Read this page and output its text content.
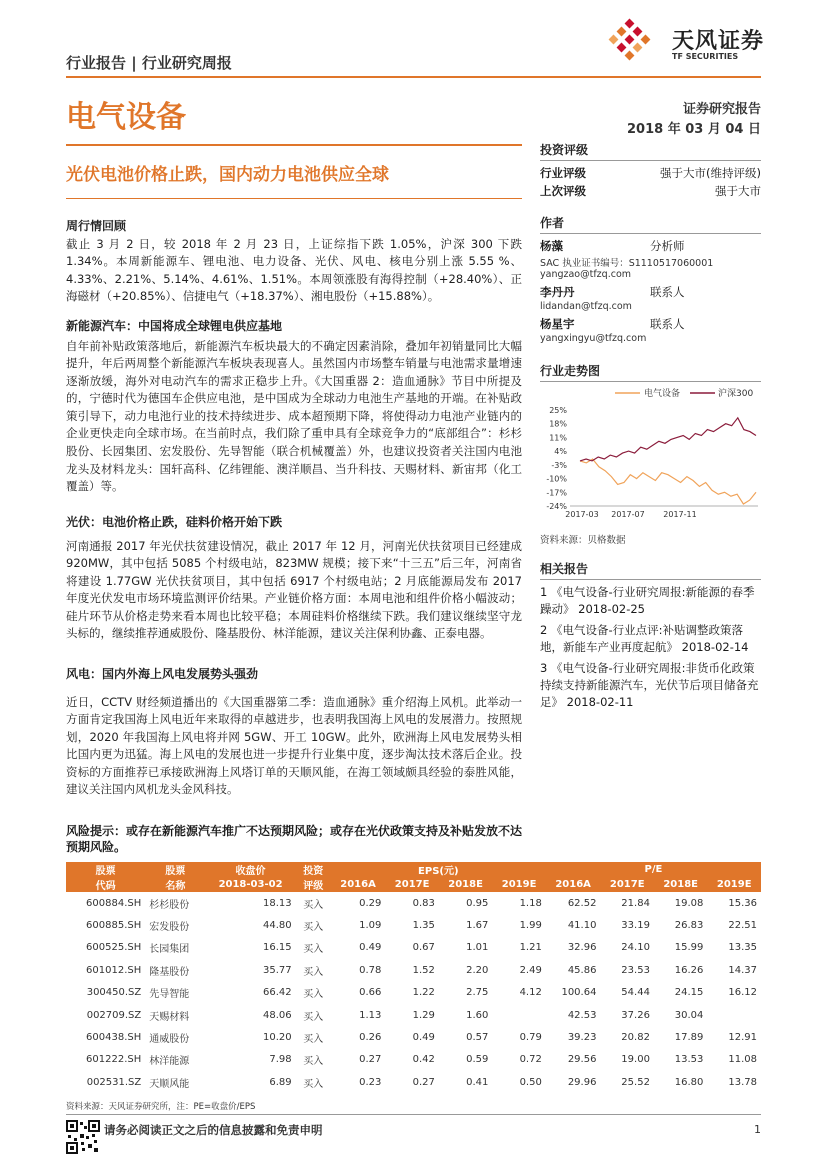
行业报告 | 行业研究周报
天风证券
TF SECURITIES
电气设备	证券研究报告
2018 年 03 月 04 日
光伏电池价格止跌，国内动力电池供应全球
周行情回顾
截止 3 月 2 日，较 2018 年 2 月 23 日，上证综指下跌 1.05%，沪深 300 下跌 1.34%。本周新能源车、锂电池、电力设备、光伏、风电、核电分别上涨 5.55 %、4.33%、2.21%、5.14%、4.61%、1.51%。本周领涨股有海得控制（+28.40%）、正海磁材（+20.85%）、信捷电气（+18.37%）、湘电股份（+15.88%）。
新能源汽车：中国将成全球锂电供应基地
自年前补贴政策落地后，新能源汽车板块最大的不确定因素消除，叠加年初销量同比大幅提升，年后两周整个新能源汽车板块表现喜人。虽然国内市场整车销量与电池需求量增速逐渐放缓，海外对电动汽车的需求正稳步上升。《大国重器 2：造血通脉》节目中所提及的，宁德时代为德国车企供应电池，是中国成为全球动力电池生产基地的开端。在补贴政策引导下，动力电池行业的技术持续进步、成本超预期下降，将使得动力电池产业链内的企业更快走向全球市场。在当前时点，我们除了重申具有全球竞争力的“底部组合”：杉杉股份、长园集团、宏发股份、先导智能（联合机械覆盖）外，也建议投资者关注国内电池龙头及材料龙头：国轩高科、亿纬锂能、澳洋顺昌、当升科技、天赐材料、新宙邦（化工覆盖）等。
光伏：电池价格止跌，硅料价格开始下跌
河南通报 2017 年光伏扶贫建设情况，截止 2017 年 12 月，河南光伏扶贫项目已经建成 920MW，其中包括 5085 个村级电站，823MW 规模；接下来“十三五”后三年，河南省将建设 1.77GW 光伏扶贫项目，其中包括 6917 个村级电站；2 月底能源局发布 2017 年度光伏发电市场环境监测评价结果。产业链价格方面：本周电池和组件价格小幅波动；硅片环节从价格走势来看本周也比较平稳；本周硅料价格继续下跌。我们建议继续坚守龙头标的，继续推荐通威股份、隆基股份、林洋能源，建议关注保利协鑫、正泰电器。
风电：国内外海上风电发展势头强劲
近日，CCTV 财经频道播出的《大国重器第二季：造血通脉》重介绍海上风机。此举动一方面肯定我国海上风电近年来取得的卓越进步，也表明我国海上风电的发展潜力。按照规划，2020 年我国海上风电将并网 5GW、开工 10GW。此外，欧洲海上风电发展势头相比国内更为迅猛。海上风电的发展也进一步提升行业集中度，逐步淘汰技术落后企业。投资标的方面推荐已承接欧洲海上风塔订单的天顺风能，在海工领域颇具经验的泰胜风能，建议关注国内风机龙头金风科技。
风险提示：或存在新能源汽车推广不达预期风险；或存在光伏政策支持及补贴发放不达预期风险。
投资评级
行业评级	强于大市(维持评级)
上次评级	强于大市
作者
杨藻	分析师
SAC 执业证书编号：S1110517060001
yangzao@tfzq.com
李丹丹	联系人
lidandan@tfzq.com
杨星宇	联系人
yangxingyu@tfzq.com
行业走势图
电气设备	沪深300
25%
18%
11%
4%
-3%
-10%
-17%
-24%
2017-03 2017-07 2017-11
资料来源：贝格数据
相关报告
1 《电气设备-行业研究周报:新能源的春季躁动》 2018-02-25
2 《电气设备-行业点评:补贴调整政策落地，新能车产业再度起航》 2018-02-14
3 《电气设备-行业研究周报:非货币化政策持续支持新能源汽车，光伏节后项目储备充足》 2018-02-11
股票	股票	收盘价	投资	EPS(元)				P/E			
代码	名称	2018-03-02	评级	2016A	2017E	2018E	2019E	2016A	2017E	2018E	2019E
600884.SH	杉杉股份	18.13	买入	0.29	0.83	0.95	1.18	62.52	21.84	19.08	15.36
600885.SH	宏发股份	44.80	买入	1.09	1.35	1.67	1.99	41.10	33.19	26.83	22.51
600525.SH	长园集团	16.15	买入	0.49	0.67	1.01	1.21	32.96	24.10	15.99	13.35
601012.SH	隆基股份	35.77	买入	0.78	1.52	2.20	2.49	45.86	23.53	16.26	14.37
300450.SZ	先导智能	66.42	买入	0.66	1.22	2.75	4.12	100.64	54.44	24.15	16.12
002709.SZ	天赐材料	48.06	买入	1.13	1.29	1.60		42.53	37.26	30.04	
600438.SH	通威股份	10.20	买入	0.26	0.49	0.57	0.79	39.23	20.82	17.89	12.91
601222.SH	林洋能源	7.98	买入	0.27	0.42	0.59	0.72	29.56	19.00	13.53	11.08
002531.SZ	天顺风能	6.89	买入	0.23	0.27	0.41	0.50	29.96	25.52	16.80	13.78
资料来源：天风证券研究所，注：PE=收盘价/EPS
请务必阅读正文之后的信息披露和免责申明	1
